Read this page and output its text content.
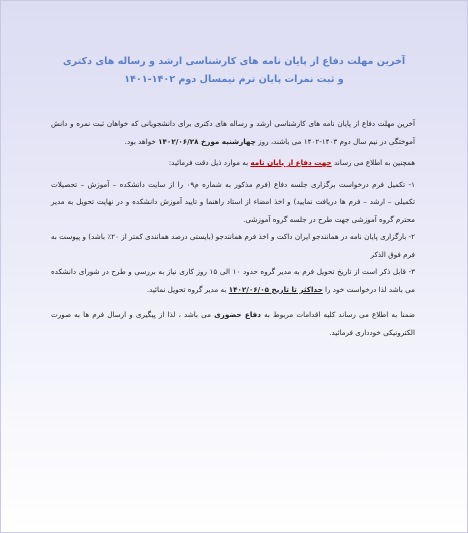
آخرین مهلت دفاع از پایان نامه های کارشناسی ارشد و رساله های دکتری
و ثبت نمرات پایان ترم نیمسال دوم ۱۴۰۲-۱۴۰۱

آخرین مهلت دفاع از پایان نامه های کارشناسی ارشد و رساله های دکتری برای دانشجویانی که خواهان ثبت نمره و دانش آموختگی در نیم سال دوم ۱۴۰۳-۱۴۰۲ می باشند، روز چهارشنبه مورخ ۱۴۰۲/۰۶/۲۸ خواهد بود.

همچنین به اطلاع می رساند جهت دفاع از پایان نامه به موارد ذیل دقت فرمائید:

۱- تکمیل فرم درخواست برگزاری جلسه دفاع (فرم مذکور به شماره م۰۹ را از سایت دانشکده – آموزش – تحصیلات تکمیلی – ارشد – فرم ها دریافت نمایید) و اخذ امضاء از استاد راهنما و تایید آموزش دانشکده و در نهایت تحویل به مدیر محترم گروه آموزشی جهت طرح در جلسه گروه آموزشی.

۲- بارگزاری پایان نامه در همانندجو ایران داکت و اخذ فرم همانندجو (بایستی درصد همانندی کمتر از ۲۰٪ باشد) و پیوست به فرم فوق الذکر

۳- قابل ذکر است از تاریخ تحویل فرم به مدیر گروه حدود ۱۰ الی ۱۵ روز کاری نیاز به بررسی و طرح در شورای دانشکده می باشد لذا درخواست خود را حداکثر تا تاریخ ۱۴۰۲/۰۶/۰۵ به مدیر گروه تحویل نمائید.

ضمنا به اطلاع می رساند کلیه اقدامات مربوط به دفاع حضوری می باشد ، لذا از پیگیری و ارسال فرم ها به صورت الکترونیکی خودداری فرمائید.
